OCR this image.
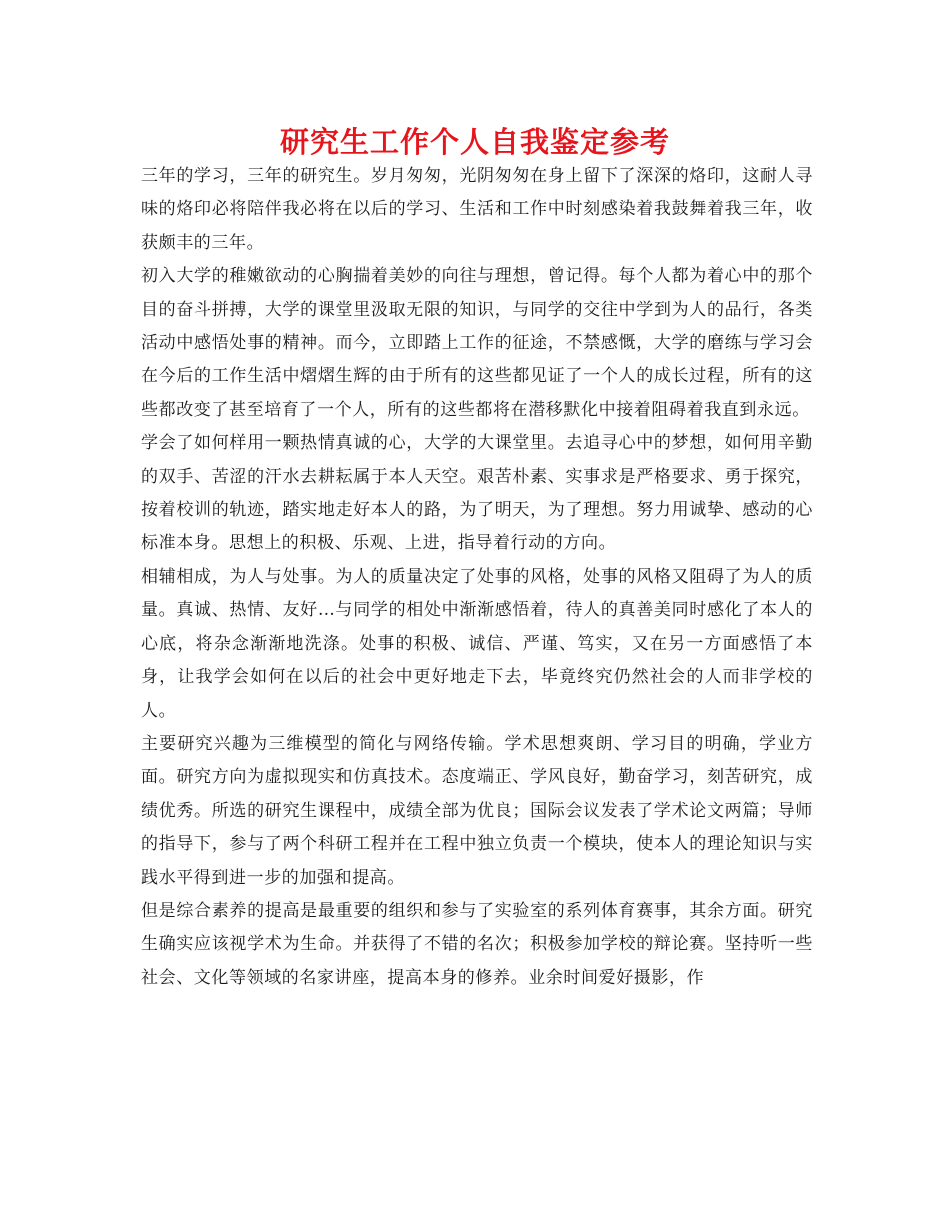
研究生工作个人自我鉴定参考

三年的学习，三年的研究生。岁月匆匆，光阴匆匆在身上留下了深深的烙印，这耐人寻味的烙印必将陪伴我必将在以后的学习、生活和工作中时刻感染着我鼓舞着我三年，收获颇丰的三年。

初入大学的稚嫩欲动的心胸揣着美妙的向往与理想，曾记得。每个人都为着心中的那个目的奋斗拼搏，大学的课堂里汲取无限的知识，与同学的交往中学到为人的品行，各类活动中感悟处事的精神。而今，立即踏上工作的征途，不禁感慨，大学的磨练与学习会在今后的工作生活中熠熠生辉的由于所有的这些都见证了一个人的成长过程，所有的这些都改变了甚至培育了一个人，所有的这些都将在潜移默化中接着阻碍着我直到永远。

学会了如何样用一颗热情真诚的心，大学的大课堂里。去追寻心中的梦想，如何用辛勤的双手、苦涩的汗水去耕耘属于本人天空。艰苦朴素、实事求是严格要求、勇于探究，按着校训的轨迹，踏实地走好本人的路，为了明天，为了理想。努力用诚挚、感动的心标准本身。思想上的积极、乐观、上进，指导着行动的方向。

相辅相成，为人与处事。为人的质量决定了处事的风格，处事的风格又阻碍了为人的质量。真诚、热情、友好…与同学的相处中渐渐感悟着，待人的真善美同时感化了本人的心底，将杂念渐渐地洗涤。处事的积极、诚信、严谨、笃实，又在另一方面感悟了本身，让我学会如何在以后的社会中更好地走下去，毕竟终究仍然社会的人而非学校的人。

主要研究兴趣为三维模型的简化与网络传输。学术思想爽朗、学习目的明确，学业方面。研究方向为虚拟现实和仿真技术。态度端正、学风良好，勤奋学习，刻苦研究，成绩优秀。所选的研究生课程中，成绩全部为优良；国际会议发表了学术论文两篇；导师的指导下，参与了两个科研工程并在工程中独立负责一个模块，使本人的理论知识与实践水平得到进一步的加强和提高。

但是综合素养的提高是最重要的组织和参与了实验室的系列体育赛事，其余方面。研究生确实应该视学术为生命。并获得了不错的名次；积极参加学校的辩论赛。坚持听一些社会、文化等领域的名家讲座，提高本身的修养。业余时间爱好摄影，作
